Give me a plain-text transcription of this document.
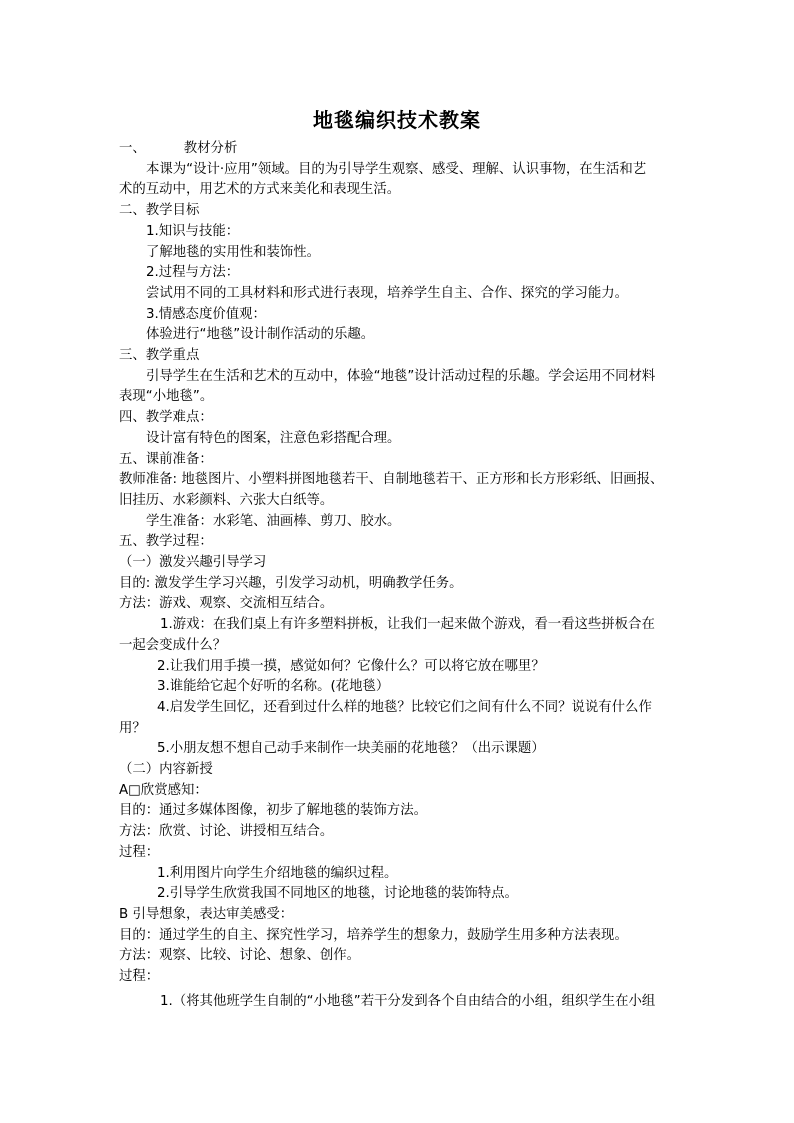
地毯编织技术教案
一、	教材分析
本课为“设计·应用”领域。目的为引导学生观察、感受、理解、认识事物，在生活和艺
术的互动中，用艺术的方式来美化和表现生活。
二、教学目标
1.知识与技能：
了解地毯的实用性和装饰性。
2.过程与方法：
尝试用不同的工具材料和形式进行表现，培养学生自主、合作、探究的学习能力。
3.情感态度价值观：
体验进行“地毯”设计制作活动的乐趣。
三、教学重点
引导学生在生活和艺术的互动中，体验“地毯”设计活动过程的乐趣。学会运用不同材料
表现“小地毯”。
四、教学难点：
设计富有特色的图案，注意色彩搭配合理。
五、课前准备：
教师准备: 地毯图片、小塑料拼图地毯若干、自制地毯若干、正方形和长方形彩纸、旧画报、
旧挂历、水彩颜料、六张大白纸等。
学生准备：水彩笔、油画棒、剪刀、胶水。
五、教学过程：
（一）激发兴趣引导学习
目的: 激发学生学习兴趣，引发学习动机，明确教学任务。
方法：游戏、观察、交流相互结合。
1.游戏：在我们桌上有许多塑料拼板，让我们一起来做个游戏，看一看这些拼板合在
一起会变成什么？
2.让我们用手摸一摸，感觉如何？它像什么？可以将它放在哪里？
3.谁能给它起个好听的名称。(花地毯）
4.启发学生回忆，还看到过什么样的地毯？比较它们之间有什么不同？说说有什么作
用？
5.小朋友想不想自己动手来制作一块美丽的花地毯？（出示课题）
（二）内容新授
A□欣赏感知：
目的：通过多媒体图像，初步了解地毯的装饰方法。
方法：欣赏、讨论、讲授相互结合。
过程：
1.利用图片向学生介绍地毯的编织过程。
2.引导学生欣赏我国不同地区的地毯，讨论地毯的装饰特点。
B 引导想象，表达审美感受：
目的：通过学生的自主、探究性学习，培养学生的想象力，鼓励学生用多种方法表现。
方法：观察、比较、讨论、想象、创作。
过程：
1.（将其他班学生自制的“小地毯”若干分发到各个自由结合的小组，组织学生在小组
